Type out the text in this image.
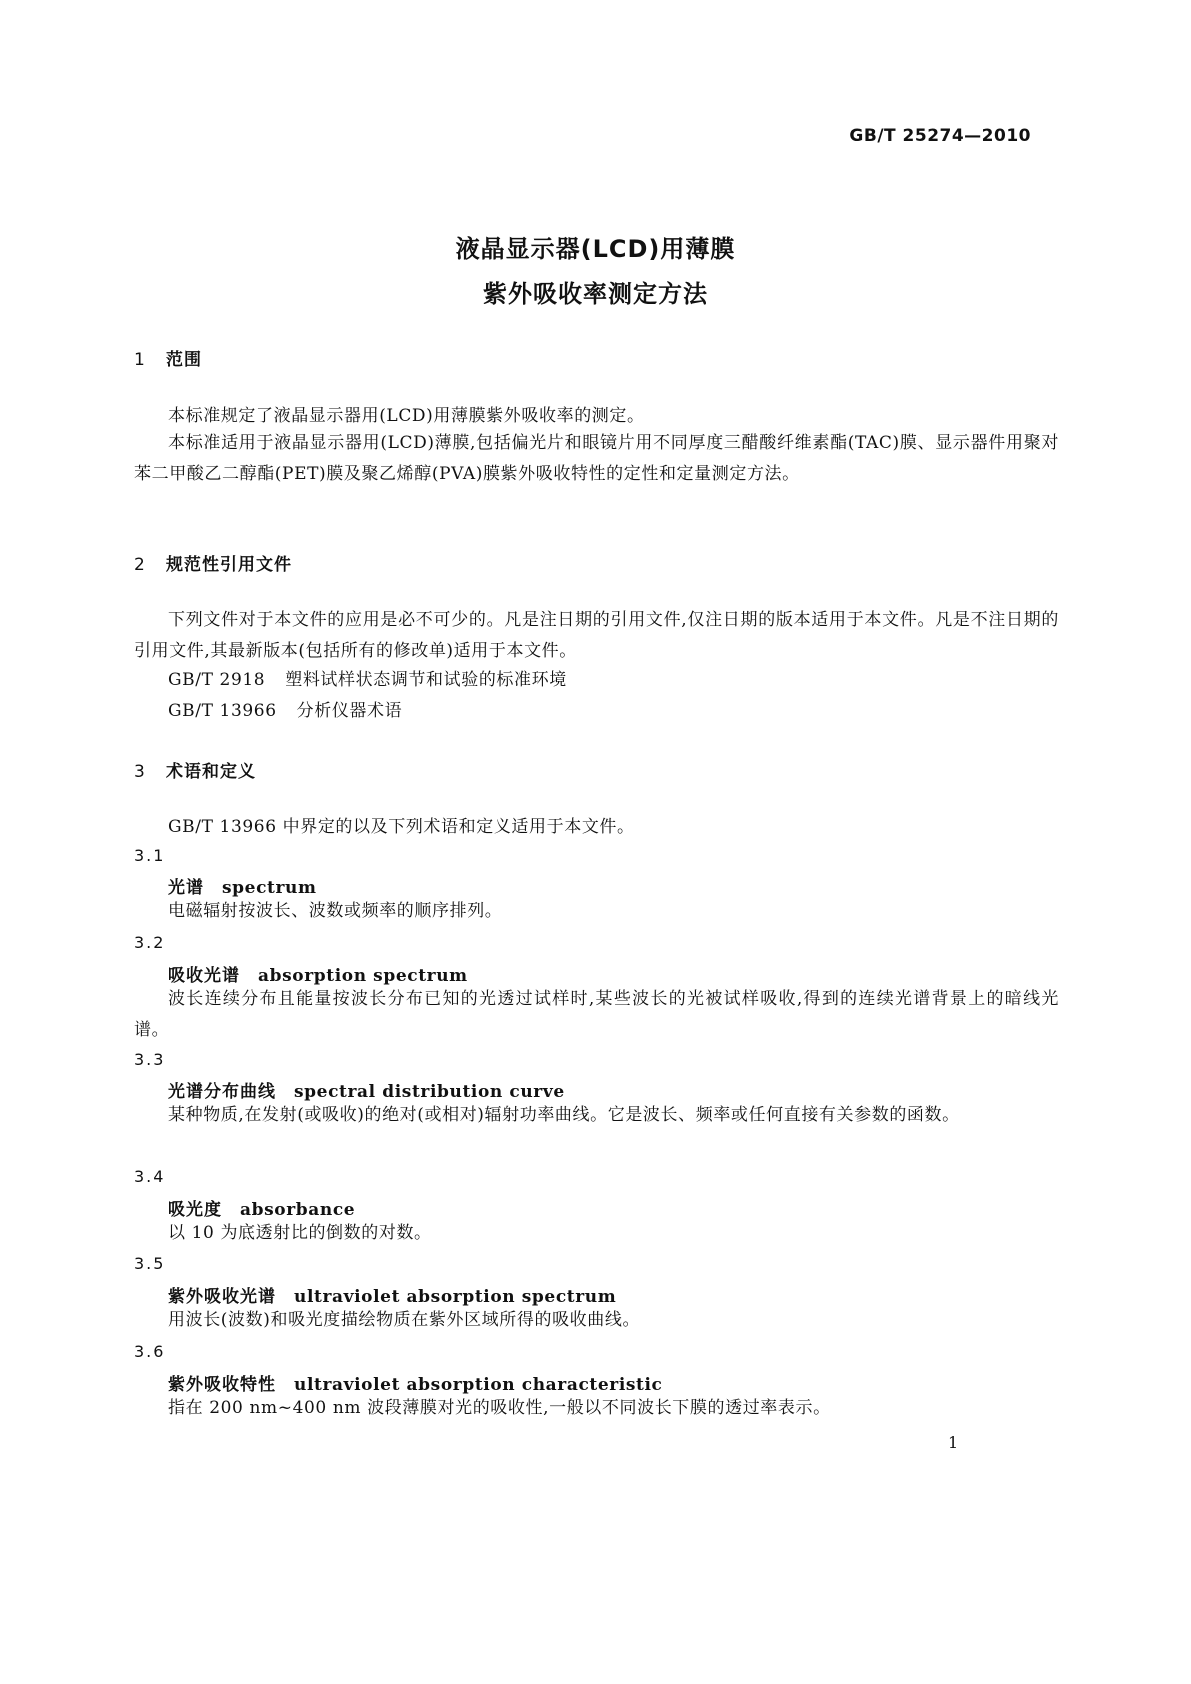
GB/T 25274—2010
液晶显示器(LCD)用薄膜
紫外吸收率测定方法
1 范围
本标准规定了液晶显示器用(LCD)用薄膜紫外吸收率的测定。
本标准适用于液晶显示器用(LCD)薄膜,包括偏光片和眼镜片用不同厚度三醋酸纤维素酯(TAC)膜、显示器件用聚对苯二甲酸乙二醇酯(PET)膜及聚乙烯醇(PVA)膜紫外吸收特性的定性和定量测定方法。
2 规范性引用文件
下列文件对于本文件的应用是必不可少的。凡是注日期的引用文件,仅注日期的版本适用于本文件。凡是不注日期的引用文件,其最新版本(包括所有的修改单)适用于本文件。
GB/T 2918 塑料试样状态调节和试验的标准环境
GB/T 13966 分析仪器术语
3 术语和定义
GB/T 13966 中界定的以及下列术语和定义适用于本文件。
3.1
光谱 spectrum
电磁辐射按波长、波数或频率的顺序排列。
3.2
吸收光谱 absorption spectrum
波长连续分布且能量按波长分布已知的光透过试样时,某些波长的光被试样吸收,得到的连续光谱背景上的暗线光谱。
3.3
光谱分布曲线 spectral distribution curve
某种物质,在发射(或吸收)的绝对(或相对)辐射功率曲线。它是波长、频率或任何直接有关参数的函数。
3.4
吸光度 absorbance
以 10 为底透射比的倒数的对数。
3.5
紫外吸收光谱 ultraviolet absorption spectrum
用波长(波数)和吸光度描绘物质在紫外区域所得的吸收曲线。
3.6
紫外吸收特性 ultraviolet absorption characteristic
指在 200 nm~400 nm 波段薄膜对光的吸收性,一般以不同波长下膜的透过率表示。
1
